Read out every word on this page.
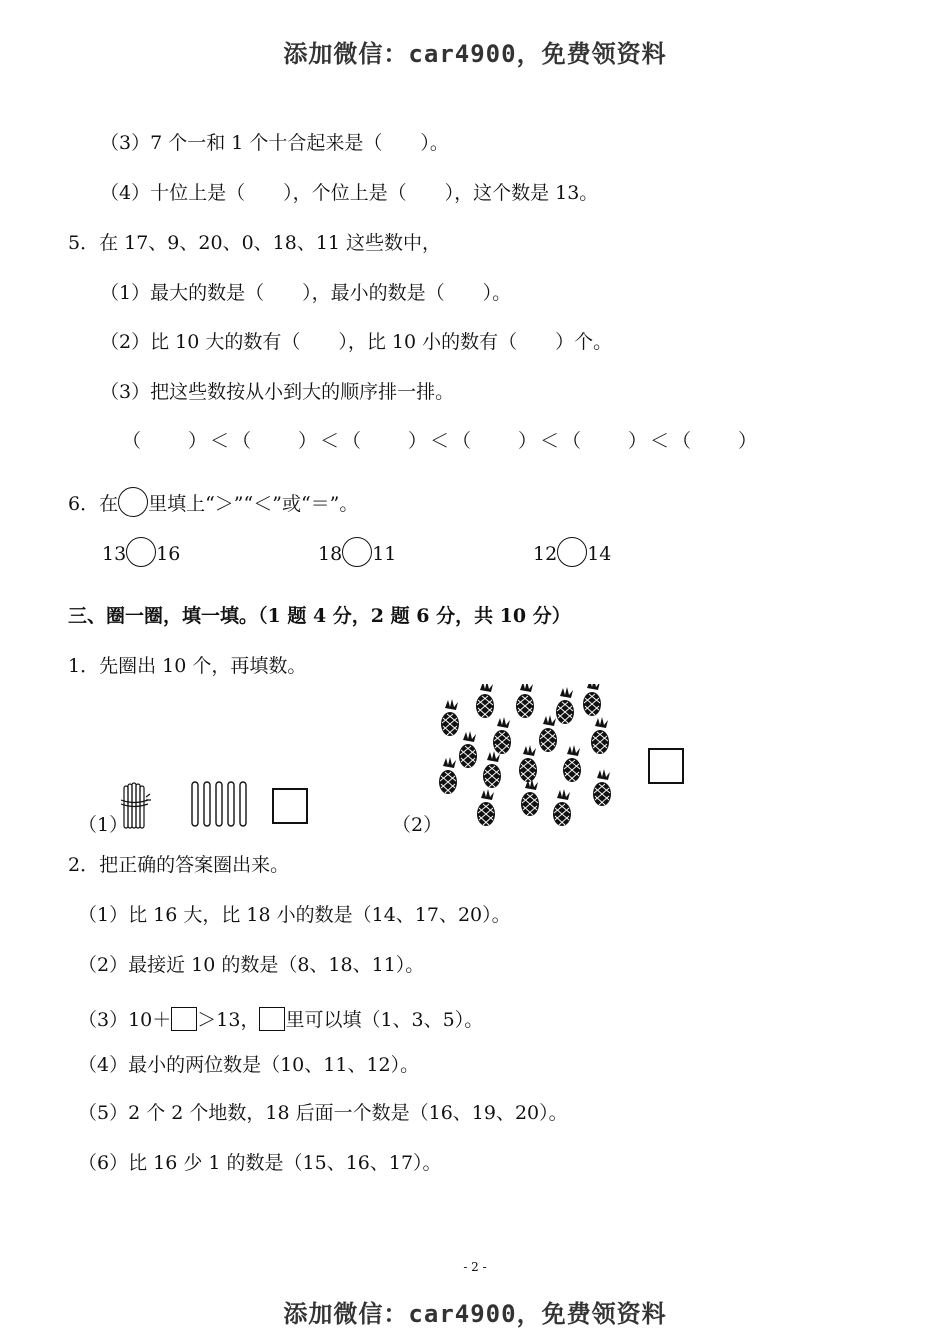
添加微信：car4900，免费领资料
（3）7 个一和 1 个十合起来是（　　）。
（4）十位上是（　　），个位上是（　　），这个数是 13。
5．在 17、9、20、0、18、11 这些数中，
（1）最大的数是（　　），最小的数是（　　）。
（2）比 10 大的数有（　　），比 10 小的数有（　　）个。
（3）把这些数按从小到大的顺序排一排。
（　　）＜（　　）＜（　　）＜（　　）＜（　　）＜（　　）
6．在 里填上“＞”“＜”或“＝”。
13 16	18 11	12 14
三、圈一圈，填一填。（1 题 4 分，2 题 6 分，共 10 分）
1．先圈出 10 个，再填数。
（1）	（2）
2．把正确的答案圈出来。
（1）比 16 大，比 18 小的数是（14、17、20）。
（2）最接近 10 的数是（8、18、11）。
（3）10＋ ＞13， 里可以填（1、3、5）。
（4）最小的两位数是（10、11、12）。
（5）2 个 2 个地数，18 后面一个数是（16、19、20）。
（6）比 16 少 1 的数是（15、16、17）。
- 2 -
添加微信：car4900，免费领资料
